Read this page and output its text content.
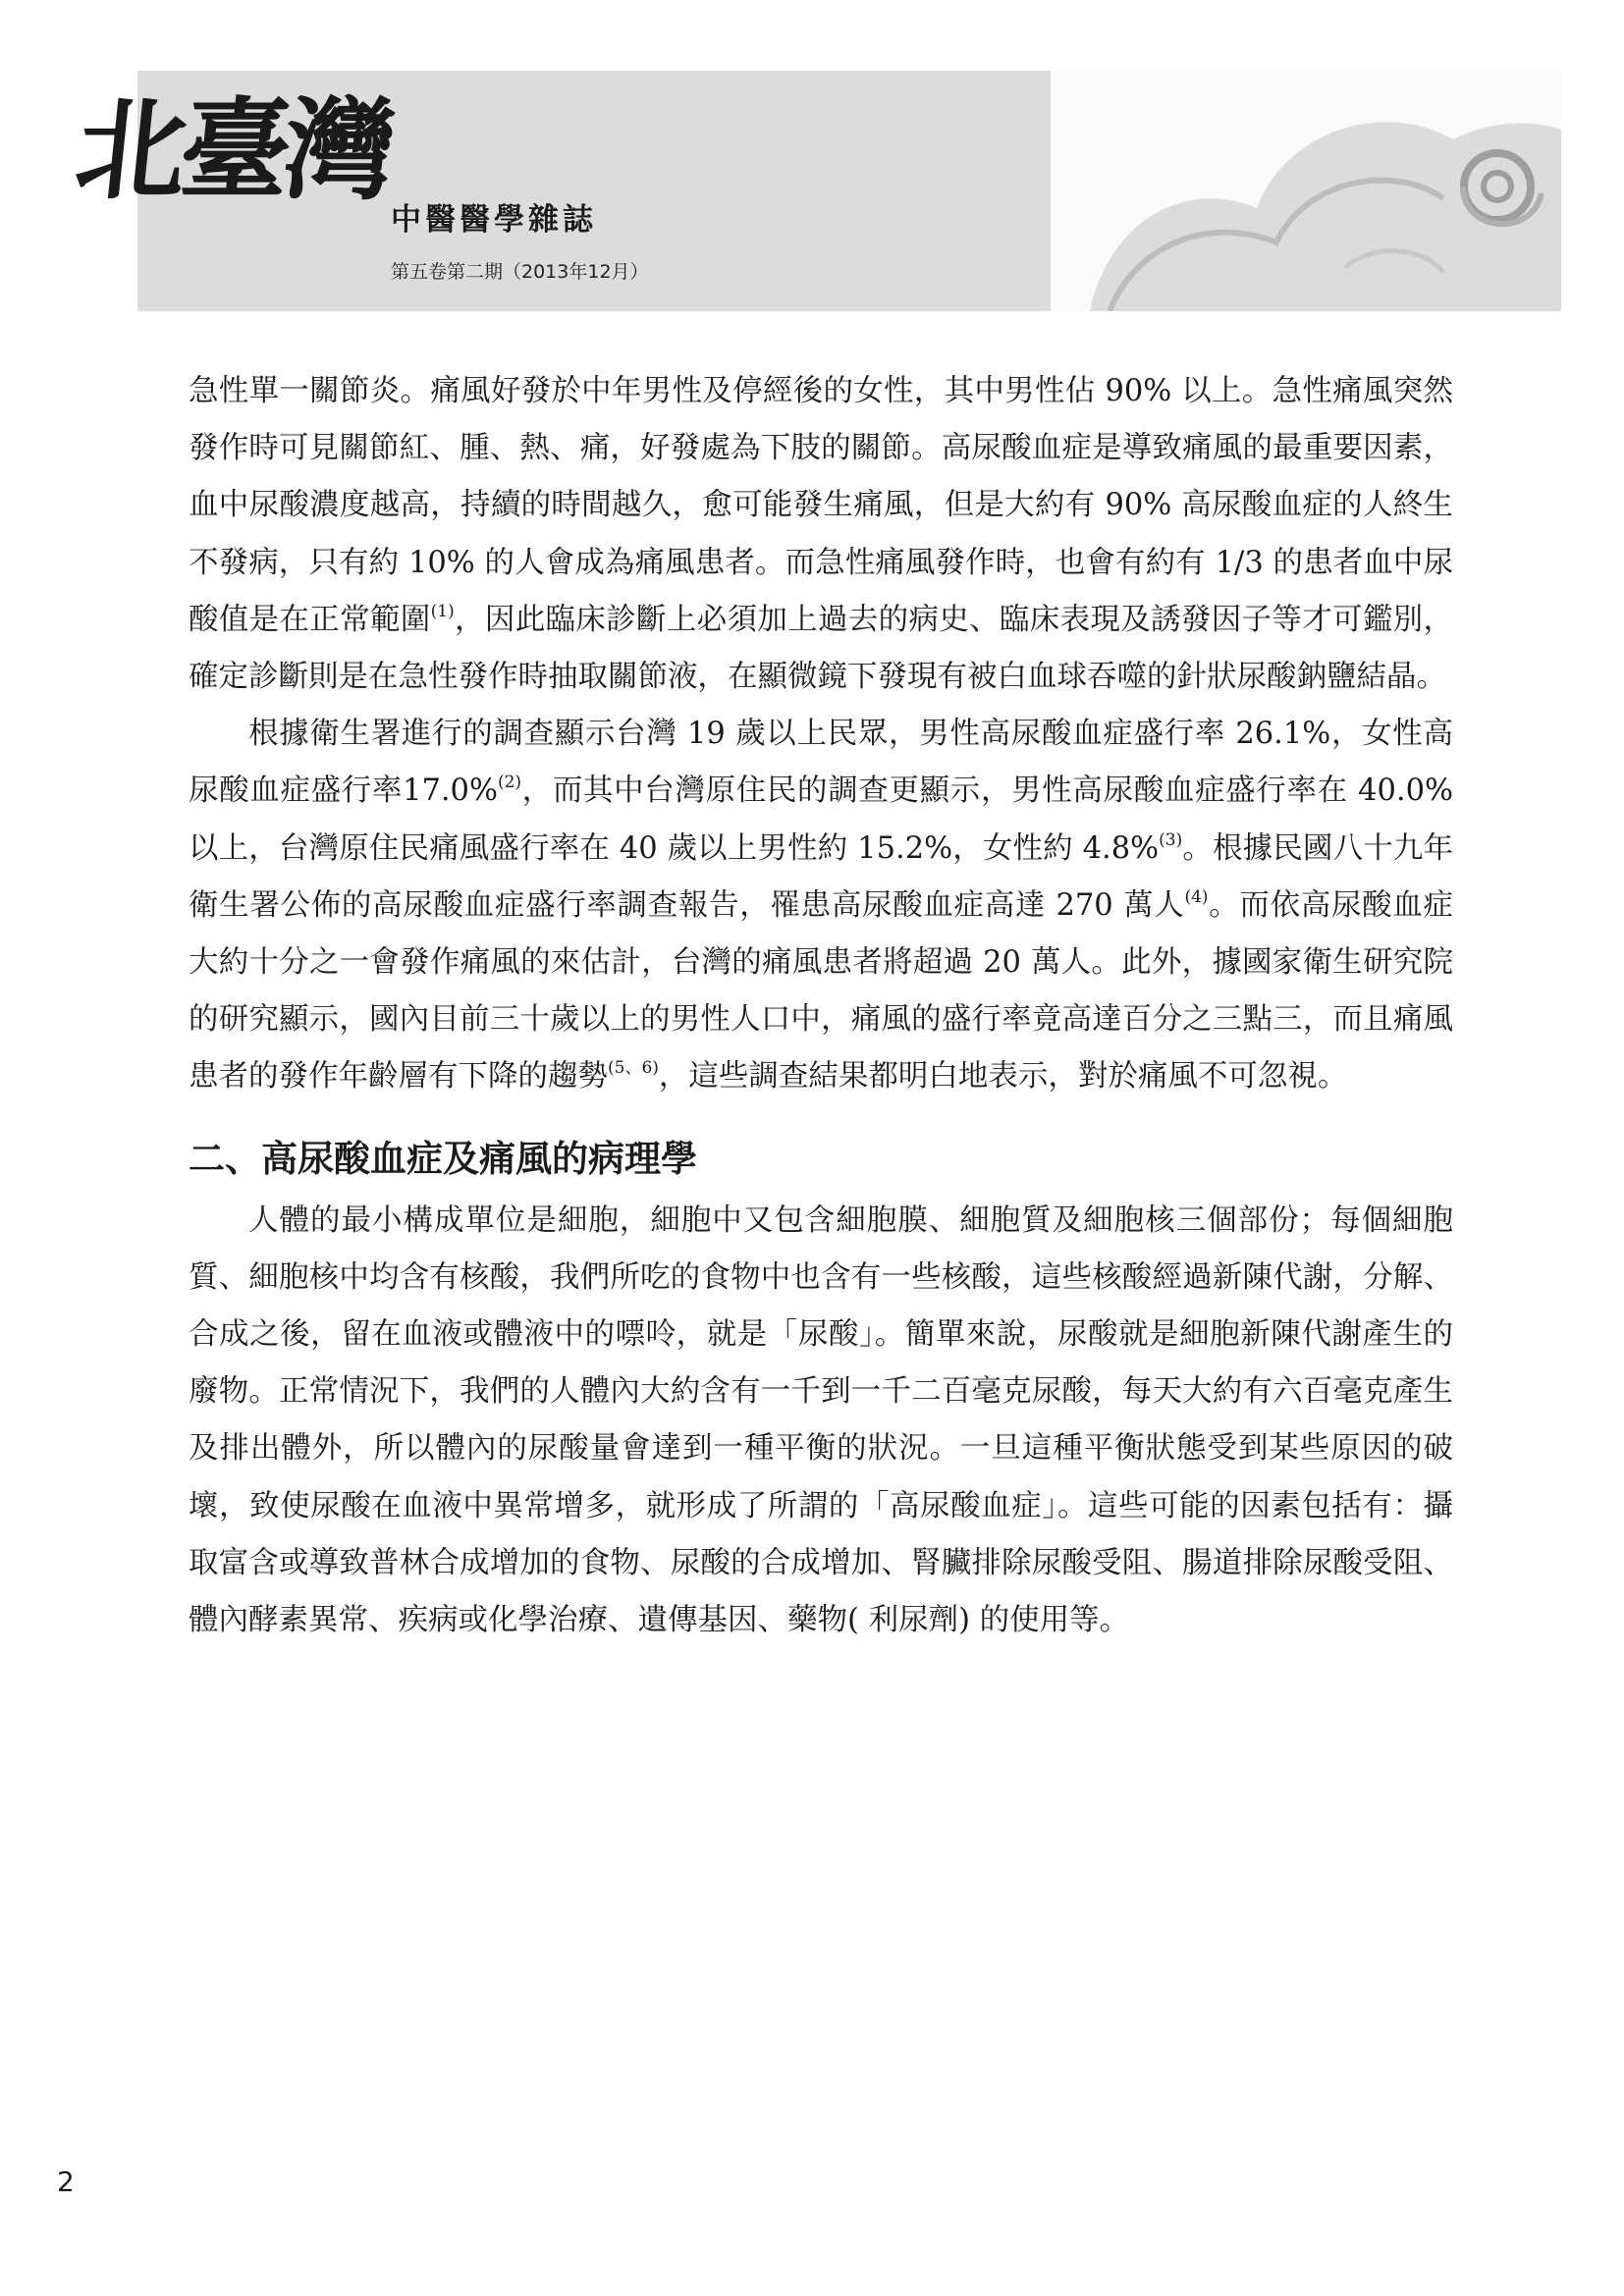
中醫醫學雜誌
第五卷第二期（2013年12月）
北臺灣

急性單一關節炎。痛風好發於中年男性及停經後的女性，其中男性佔 90% 以上。急性痛風突然發作時可見關節紅、腫、熱、痛，好發處為下肢的關節。高尿酸血症是導致痛風的最重要因素，血中尿酸濃度越高，持續的時間越久，愈可能發生痛風，但是大約有 90% 高尿酸血症的人終生不發病，只有約 10% 的人會成為痛風患者。而急性痛風發作時，也會有約有 1/3 的患者血中尿酸值是在正常範圍$^{(1)}$，因此臨床診斷上必須加上過去的病史、臨床表現及誘發因子等才可鑑別，確定診斷則是在急性發作時抽取關節液，在顯微鏡下發現有被白血球吞噬的針狀尿酸鈉鹽結晶。

根據衛生署進行的調查顯示台灣 19 歲以上民眾，男性高尿酸血症盛行率 26.1%，女性高尿酸血症盛行率17.0%$^{(2)}$，而其中台灣原住民的調查更顯示，男性高尿酸血症盛行率在 40.0% 以上，台灣原住民痛風盛行率在 40 歲以上男性約 15.2%，女性約 4.8%$^{(3)}$。根據民國八十九年衛生署公佈的高尿酸血症盛行率調查報告，罹患高尿酸血症高達 270 萬人$^{(4)}$。而依高尿酸血症大約十分之一會發作痛風的來估計，台灣的痛風患者將超過 20 萬人。此外，據國家衛生研究院的研究顯示，國內目前三十歲以上的男性人口中，痛風的盛行率竟高達百分之三點三，而且痛風患者的發作年齡層有下降的趨勢$^{(5、6)}$，這些調查結果都明白地表示，對於痛風不可忽視。

二、高尿酸血症及痛風的病理學

人體的最小構成單位是細胞，細胞中又包含細胞膜、細胞質及細胞核三個部份；每個細胞質、細胞核中均含有核酸，我們所吃的食物中也含有一些核酸，這些核酸經過新陳代謝，分解、合成之後，留在血液或體液中的嘌呤，就是「尿酸」。簡單來說，尿酸就是細胞新陳代謝產生的廢物。正常情況下，我們的人體內大約含有一千到一千二百毫克尿酸，每天大約有六百毫克產生及排出體外，所以體內的尿酸量會達到一種平衡的狀況。一旦這種平衡狀態受到某些原因的破壞，致使尿酸在血液中異常增多，就形成了所謂的「高尿酸血症」。這些可能的因素包括有：攝取富含或導致普林合成增加的食物、尿酸的合成增加、腎臟排除尿酸受阻、腸道排除尿酸受阻、體內酵素異常、疾病或化學治療、遺傳基因、藥物( 利尿劑) 的使用等。

2
